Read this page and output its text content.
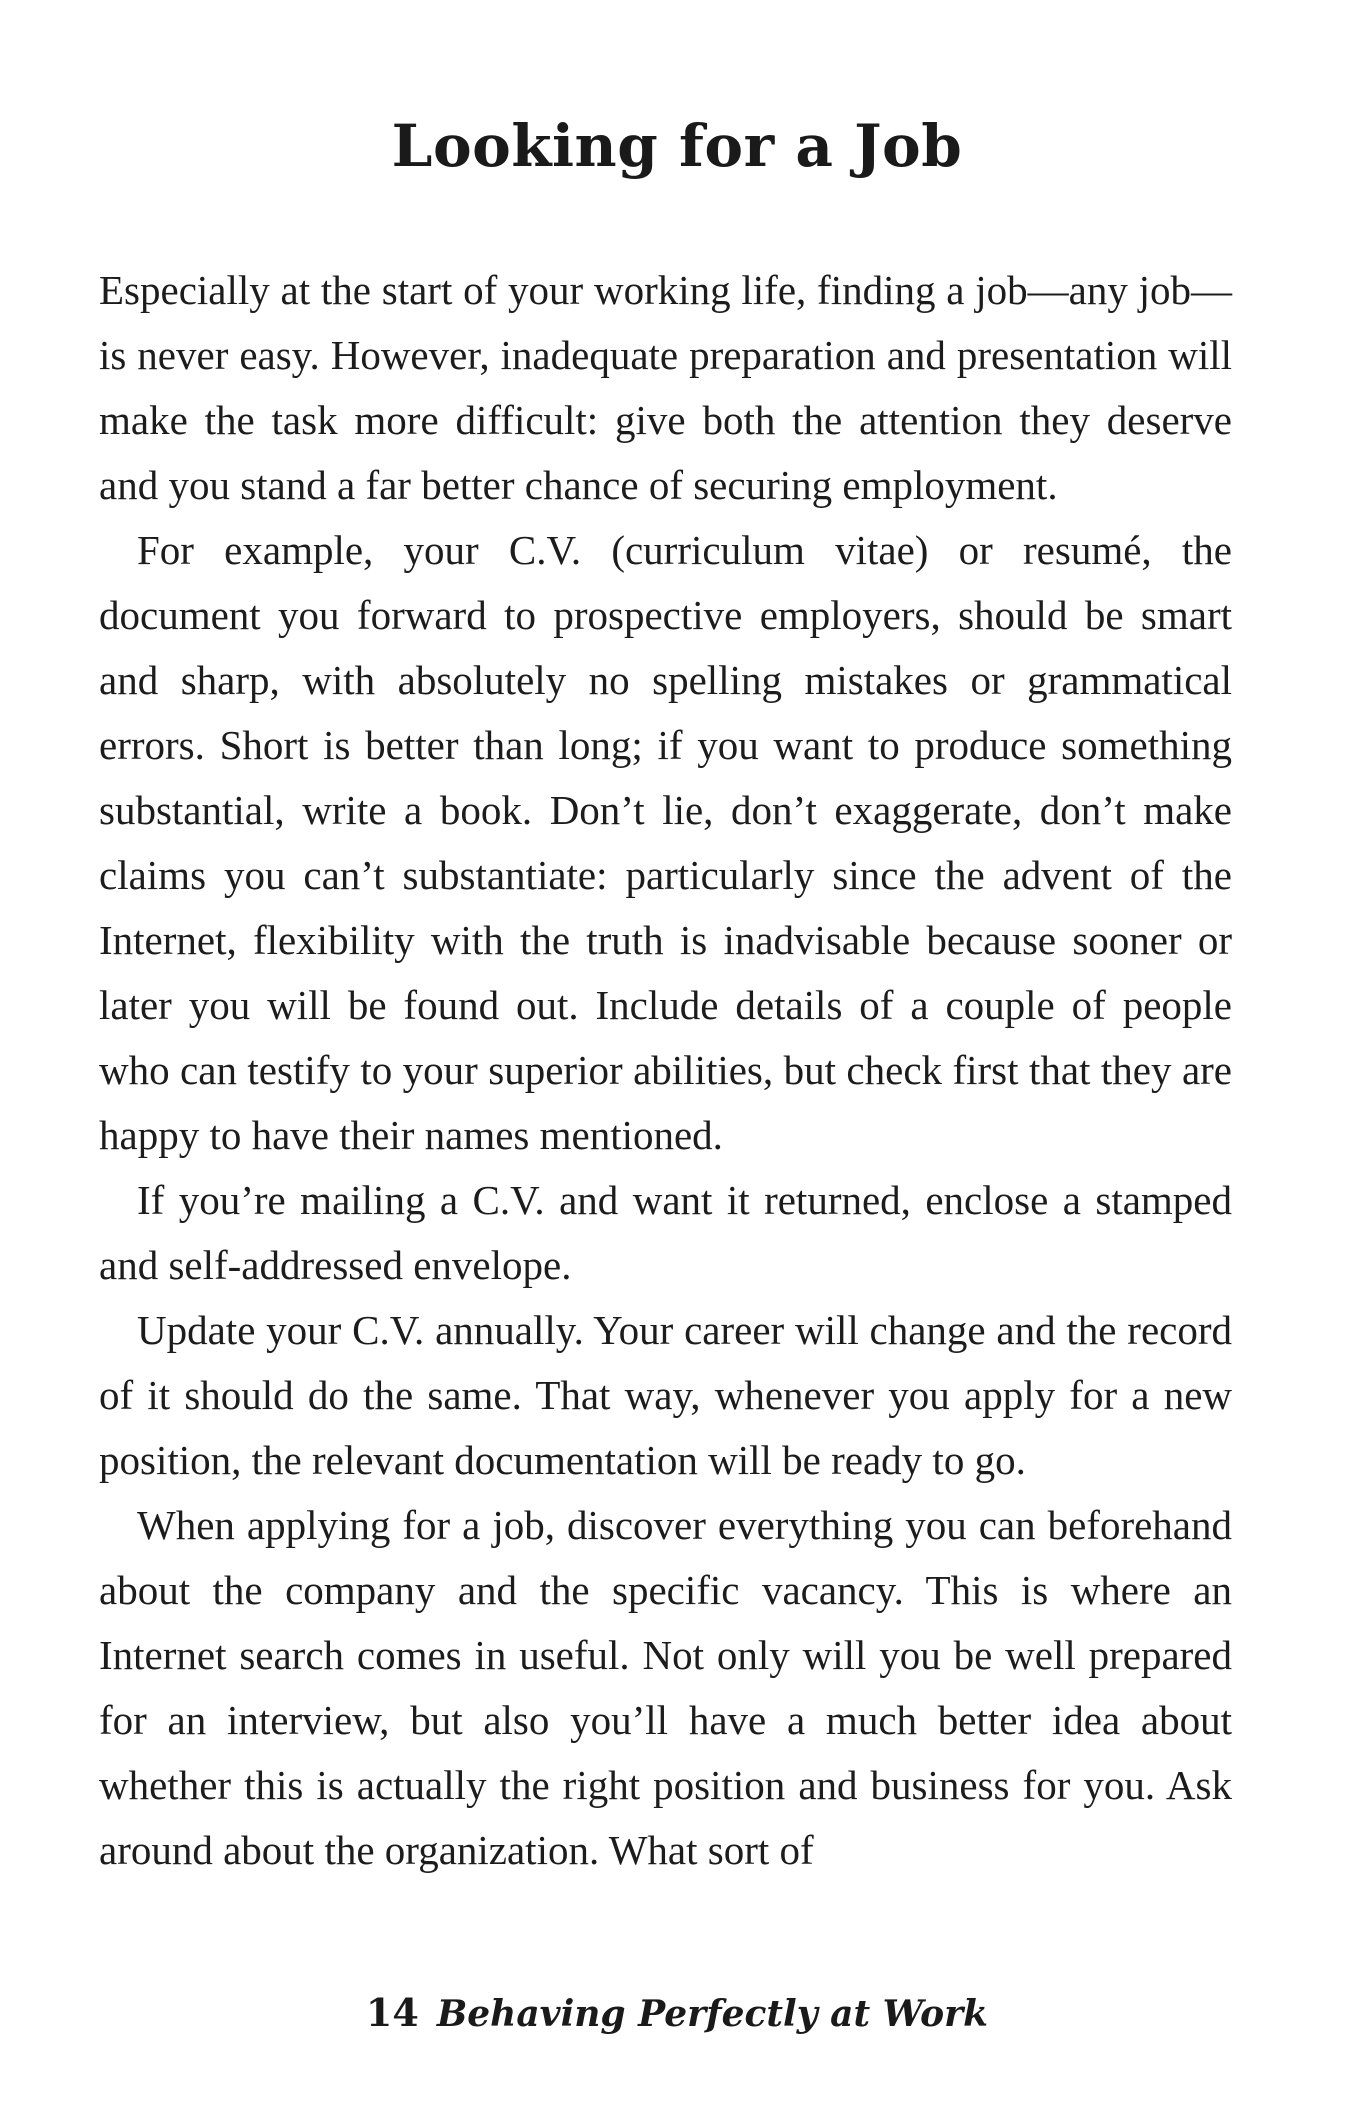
Looking for a Job

Especially at the start of your working life, finding a job—any job—is never easy. However, inadequate preparation and presentation will make the task more difficult: give both the attention they deserve and you stand a far better chance of securing employment.

For example, your C.V. (curriculum vitae) or resumé, the document you forward to prospective employers, should be smart and sharp, with absolutely no spelling mistakes or grammatical errors. Short is better than long; if you want to produce something substantial, write a book. Don’t lie, don’t exaggerate, don’t make claims you can’t substantiate: particularly since the advent of the Internet, flexibility with the truth is inadvisable because sooner or later you will be found out. Include details of a couple of people who can testify to your superior abilities, but check first that they are happy to have their names mentioned.

If you’re mailing a C.V. and want it returned, enclose a stamped and self-addressed envelope.

Update your C.V. annually. Your career will change and the record of it should do the same. That way, whenever you apply for a new position, the relevant documentation will be ready to go.

When applying for a job, discover everything you can beforehand about the company and the specific vacancy. This is where an Internet search comes in useful. Not only will you be well prepared for an interview, but also you’ll have a much better idea about whether this is actually the right position and business for you. Ask around about the organization. What sort of

14 Behaving Perfectly at Work
